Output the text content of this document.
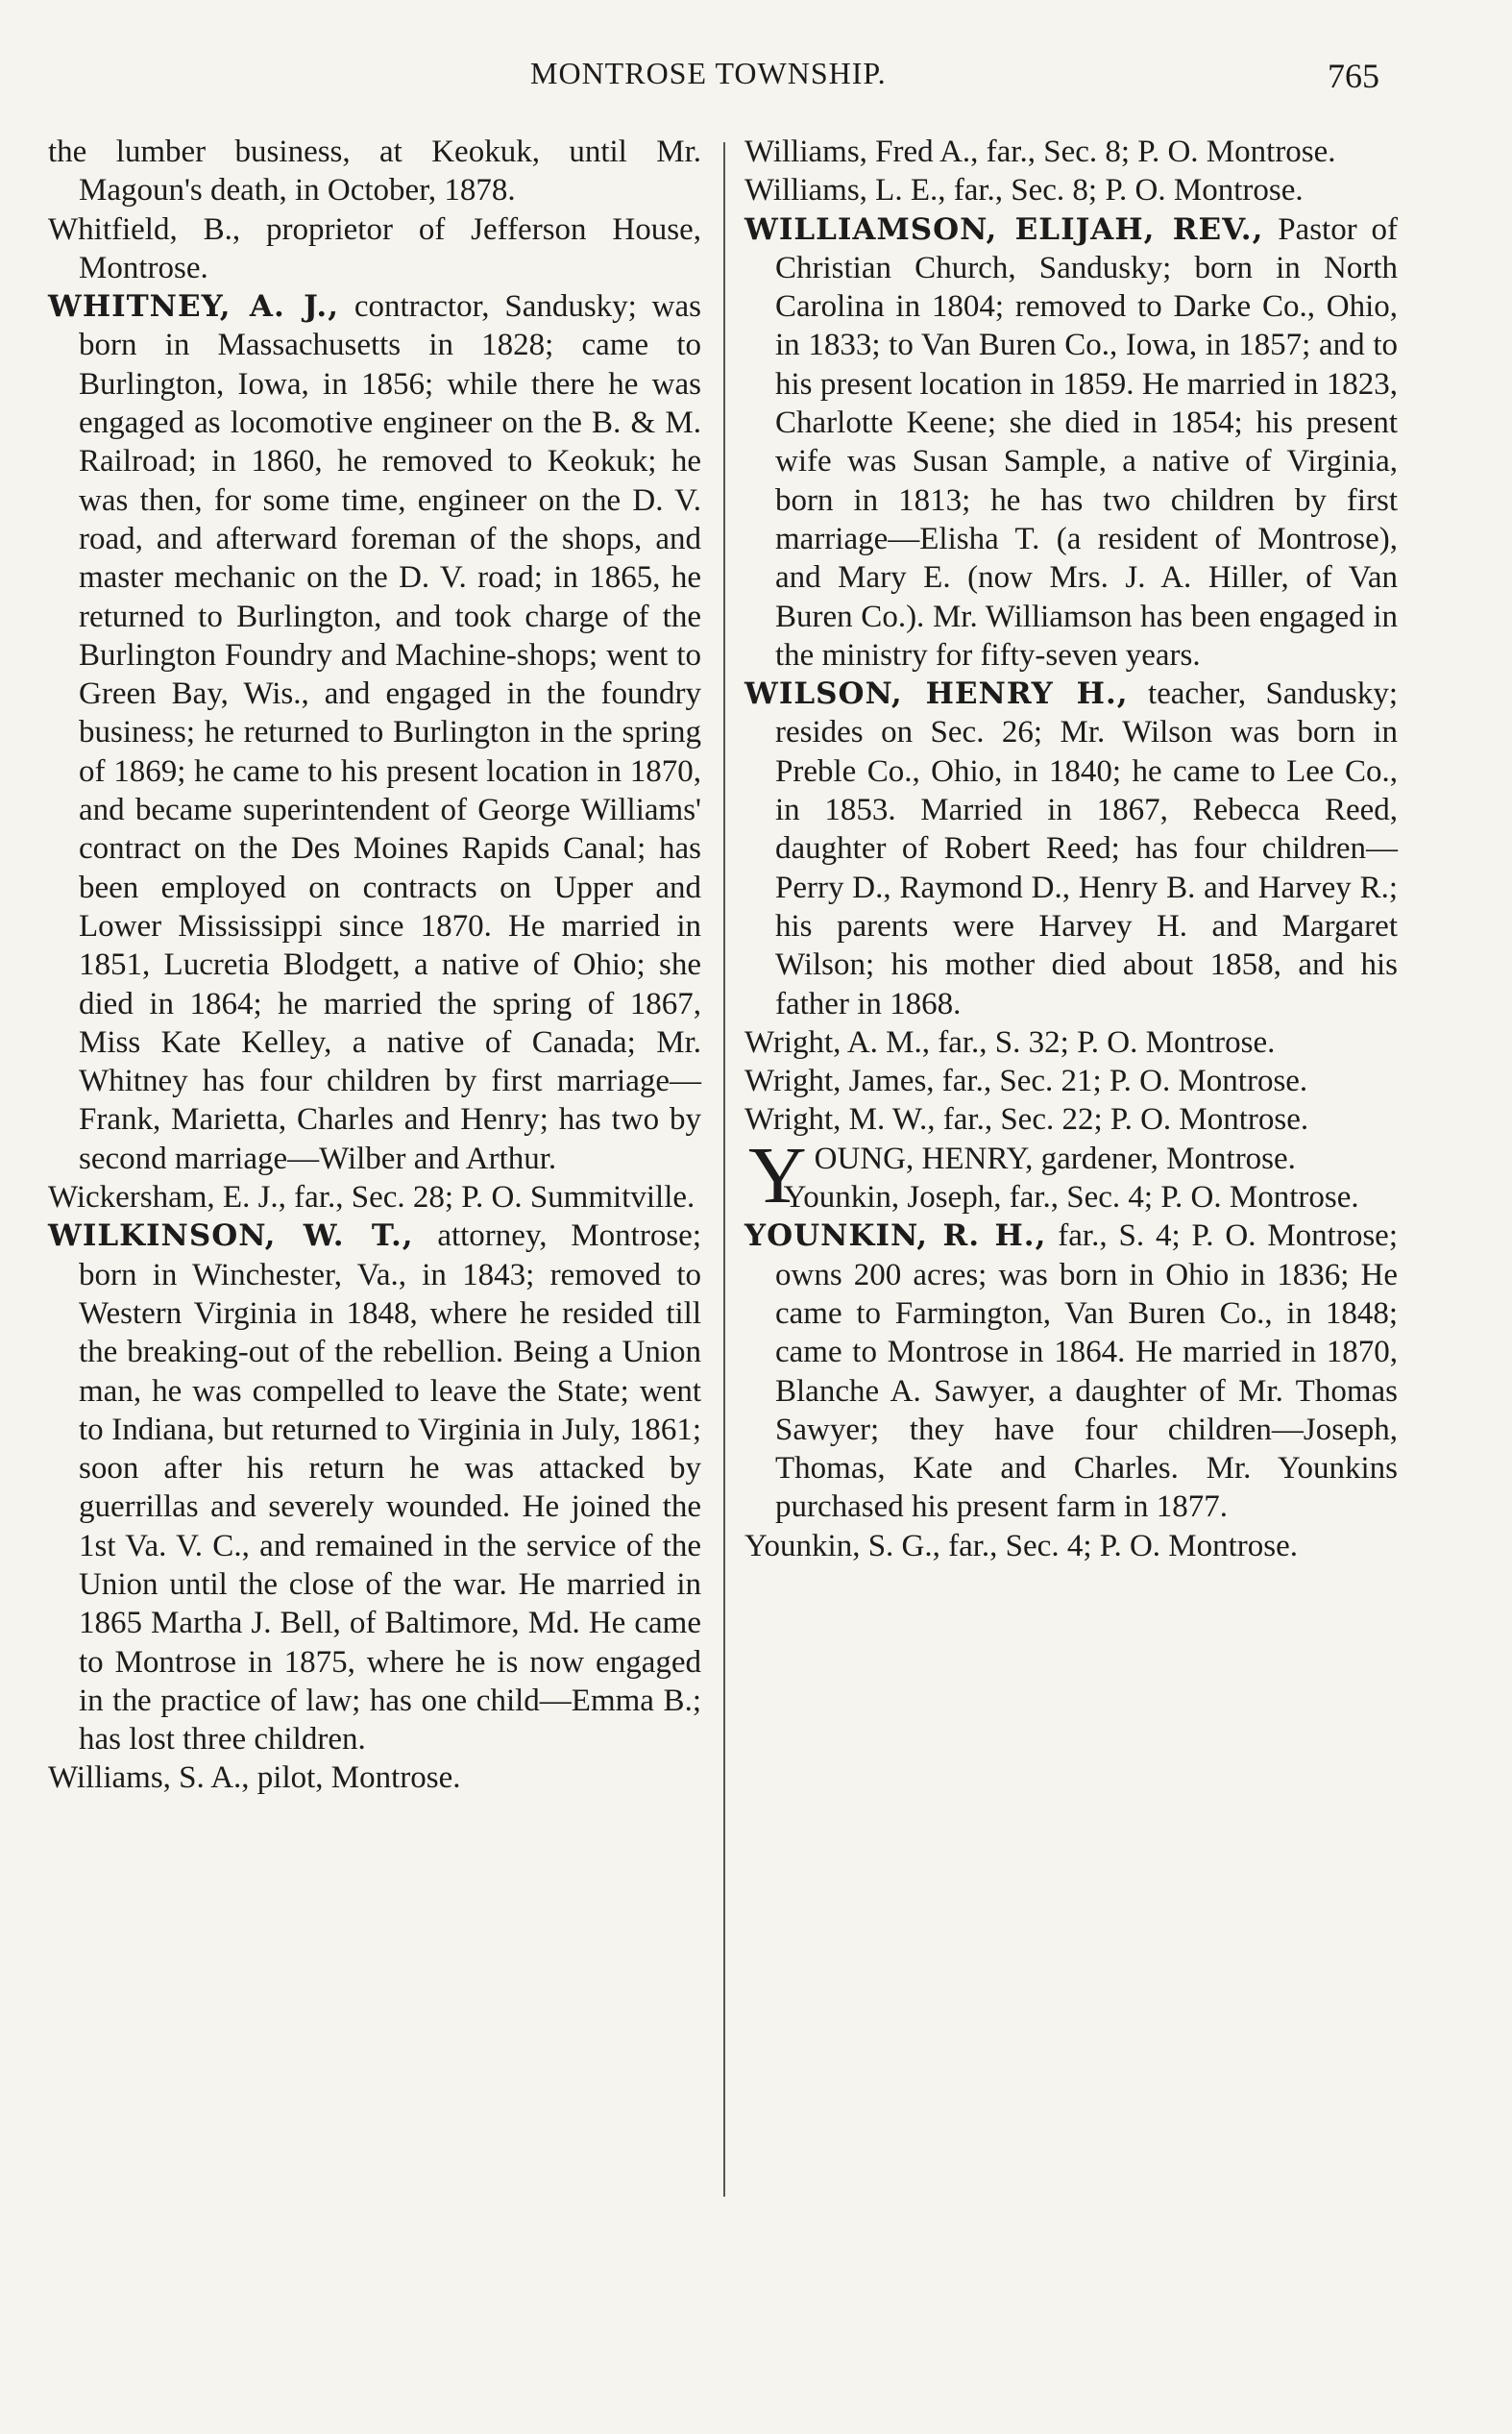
MONTROSE TOWNSHIP.	765

the lumber business, at Keokuk, until Mr. Magoun's death, in October, 1878.

Whitfield, B., proprietor of Jefferson House, Montrose.

WHITNEY, A. J., contractor, Sandusky; was born in Massachusetts in 1828; came to Burlington, Iowa, in 1856; while there he was engaged as locomotive engineer on the B. & M. Railroad; in 1860, he removed to Keokuk; he was then, for some time, engineer on the D. V. road, and afterward foreman of the shops, and master mechanic on the D. V. road; in 1865, he returned to Burlington, and took charge of the Burlington Foundry and Machine-shops; went to Green Bay, Wis., and engaged in the foundry business; he returned to Burlington in the spring of 1869; he came to his present location in 1870, and became superintendent of George Williams' contract on the Des Moines Rapids Canal; has been employed on contracts on Upper and Lower Mississippi since 1870. He married in 1851, Lucretia Blodgett, a native of Ohio; she died in 1864; he married the spring of 1867, Miss Kate Kelley, a native of Canada; Mr. Whitney has four children by first marriage—Frank, Marietta, Charles and Henry; has two by second marriage—Wilber and Arthur.

Wickersham, E. J., far., Sec. 28; P. O. Summitville.

WILKINSON, W. T., attorney, Montrose; born in Winchester, Va., in 1843; removed to Western Virginia in 1848, where he resided till the breaking-out of the rebellion. Being a Union man, he was compelled to leave the State; went to Indiana, but returned to Virginia in July, 1861; soon after his return he was attacked by guerrillas and severely wounded. He joined the 1st Va. V. C., and remained in the service of the Union until the close of the war. He married in 1865 Martha J. Bell, of Baltimore, Md. He came to Montrose in 1875, where he is now engaged in the practice of law; has one child—Emma B.; has lost three children.

Williams, S. A., pilot, Montrose.

Williams, Fred A., far., Sec. 8; P. O. Montrose.

Williams, L. E., far., Sec. 8; P. O. Montrose.

WILLIAMSON, ELIJAH, REV., Pastor of Christian Church, Sandusky; born in North Carolina in 1804; removed to Darke Co., Ohio, in 1833; to Van Buren Co., Iowa, in 1857; and to his present location in 1859. He married in 1823, Charlotte Keene; she died in 1854; his present wife was Susan Sample, a native of Virginia, born in 1813; he has two children by first marriage—Elisha T. (a resident of Montrose), and Mary E. (now Mrs. J. A. Hiller, of Van Buren Co.). Mr. Williamson has been engaged in the ministry for fifty-seven years.

WILSON, HENRY H., teacher, Sandusky; resides on Sec. 26; Mr. Wilson was born in Preble Co., Ohio, in 1840; he came to Lee Co., in 1853. Married in 1867, Rebecca Reed, daughter of Robert Reed; has four children—Perry D., Raymond D., Henry B. and Harvey R.; his parents were Harvey H. and Margaret Wilson; his mother died about 1858, and his father in 1868.

Wright, A. M., far., S. 32; P. O. Montrose.

Wright, James, far., Sec. 21; P. O. Montrose.

Wright, M. W., far., Sec. 22; P. O. Montrose.

YOUNG, HENRY, gardener, Montrose.

Younkin, Joseph, far., Sec. 4; P. O. Montrose.

YOUNKIN, R. H., far., S. 4; P. O. Montrose; owns 200 acres; was born in Ohio in 1836; He came to Farmington, Van Buren Co., in 1848; came to Montrose in 1864. He married in 1870, Blanche A. Sawyer, a daughter of Mr. Thomas Sawyer; they have four children—Joseph, Thomas, Kate and Charles. Mr. Younkins purchased his present farm in 1877.

Younkin, S. G., far., Sec. 4; P. O. Montrose.
